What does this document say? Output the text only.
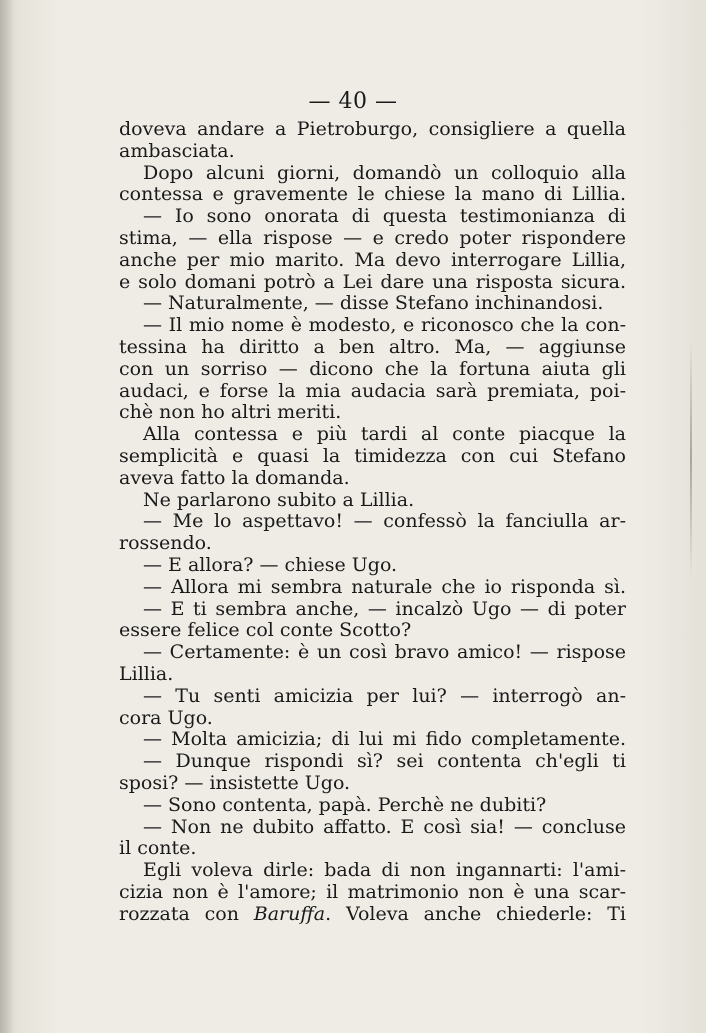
— 40 —
doveva andare a Pietroburgo, consigliere a quella
ambasciata.
Dopo alcuni giorni, domandò un colloquio alla
contessa e gravemente le chiese la mano di Lillia.
— Io sono onorata di questa testimonianza di
stima, — ella rispose — e credo poter rispondere
anche per mio marito. Ma devo interrogare Lillia,
e solo domani potrò a Lei dare una risposta sicura.
— Naturalmente, — disse Stefano inchinandosi.
— Il mio nome è modesto, e riconosco che la con-
tessina ha diritto a ben altro. Ma, — aggiunse
con un sorriso — dicono che la fortuna aiuta gli
audaci, e forse la mia audacia sarà premiata, poi-
chè non ho altri meriti.
Alla contessa e più tardi al conte piacque la
semplicità e quasi la timidezza con cui Stefano
aveva fatto la domanda.
Ne parlarono subito a Lillia.
— Me lo aspettavo! — confessò la fanciulla ar-
rossendo.
— E allora? — chiese Ugo.
— Allora mi sembra naturale che io risponda sì.
— E ti sembra anche, — incalzò Ugo — di poter
essere felice col conte Scotto?
— Certamente: è un così bravo amico! — rispose
Lillia.
— Tu senti amicizia per lui? — interrogò an-
cora Ugo.
— Molta amicizia; di lui mi fido completamente.
— Dunque rispondi sì? sei contenta ch'egli ti
sposi? — insistette Ugo.
— Sono contenta, papà. Perchè ne dubiti?
— Non ne dubito affatto. E così sia! — concluse
il conte.
Egli voleva dirle: bada di non ingannarti: l'ami-
cizia non è l'amore; il matrimonio non è una scar-
rozzata con Baruffa. Voleva anche chiederle: Ti
